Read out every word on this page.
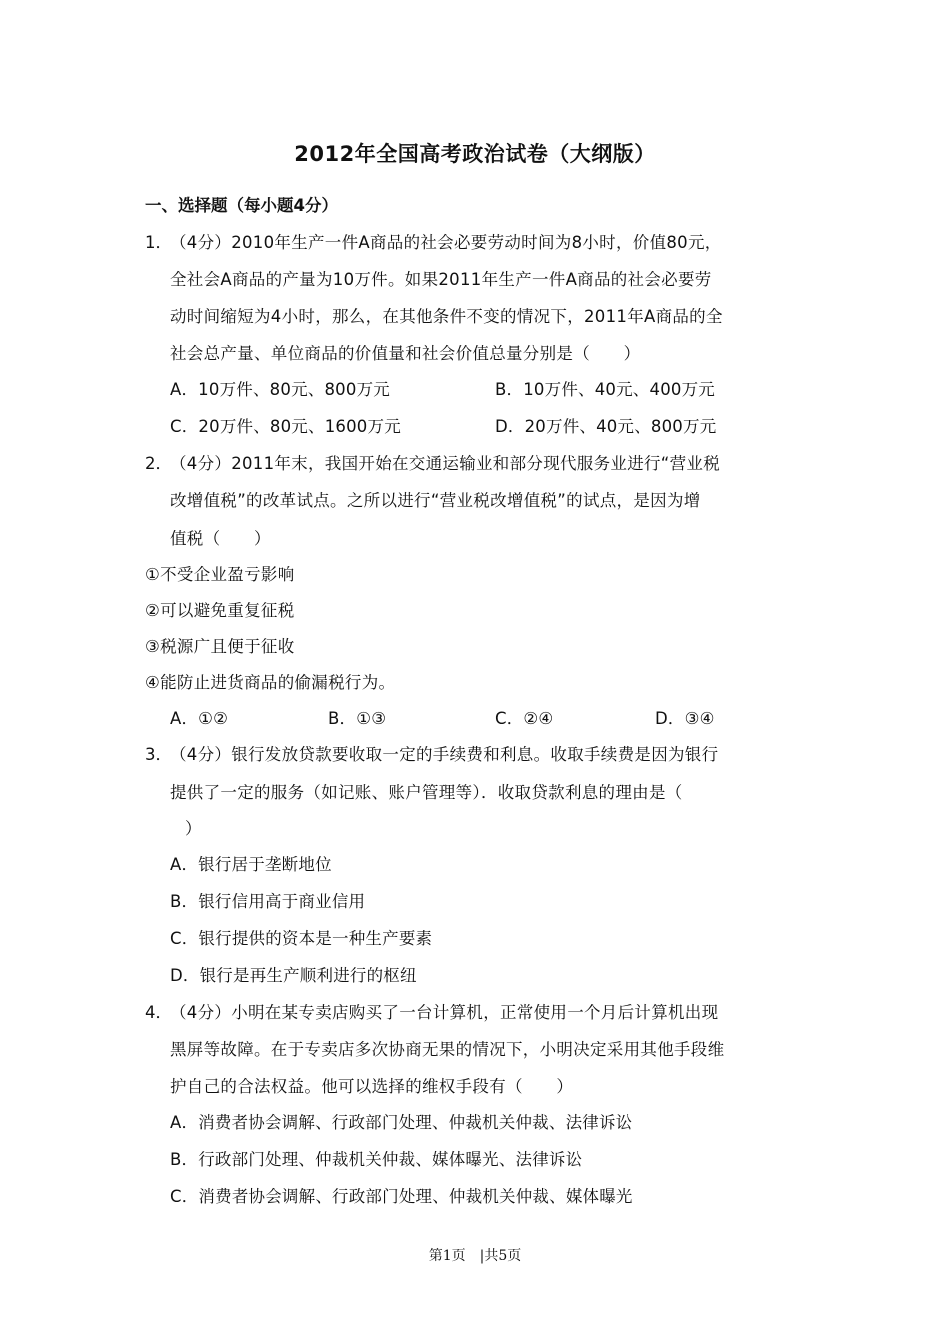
2012年全国高考政治试卷（大纲版）
一、选择题（每小题4分）
1．
（4分）2010年生产一件A商品的社会必要劳动时间为8小时，价值80元，
全社会A商品的产量为10万件。如果2011年生产一件A商品的社会必要劳
动时间缩短为4小时，那么，在其他条件不变的情况下，2011年A商品的全
社会总产量、单位商品的价值量和社会价值总量分别是（　　）
A．10万件、80元、800万元	B．10万件、40元、400万元
C．20万件、80元、1600万元	D．20万件、40元、800万元
2．
（4分）2011年末，我国开始在交通运输业和部分现代服务业进行“营业税
改增值税”的改革试点。之所以进行“营业税改增值税”的试点，是因为增
值税（　　）
①不受企业盈亏影响
②可以避免重复征税
③税源广且便于征收
④能防止进货商品的偷漏税行为。
A．①②	B．①③	C．②④	D．③④
3．
（4分）银行发放贷款要收取一定的手续费和利息。收取手续费是因为银行
提供了一定的服务（如记账、账户管理等）．收取贷款利息的理由是（
）
A．银行居于垄断地位
B．银行信用高于商业信用
C．银行提供的资本是一种生产要素
D．银行是再生产顺利进行的枢纽
4．
（4分）小明在某专卖店购买了一台计算机，正常使用一个月后计算机出现
黑屏等故障。在于专卖店多次协商无果的情况下，小明决定采用其他手段维
护自己的合法权益。他可以选择的维权手段有（　　）
A．消费者协会调解、行政部门处理、仲裁机关仲裁、法律诉讼
B．行政部门处理、仲裁机关仲裁、媒体曝光、法律诉讼
C．消费者协会调解、行政部门处理、仲裁机关仲裁、媒体曝光
第1页　|共5页
